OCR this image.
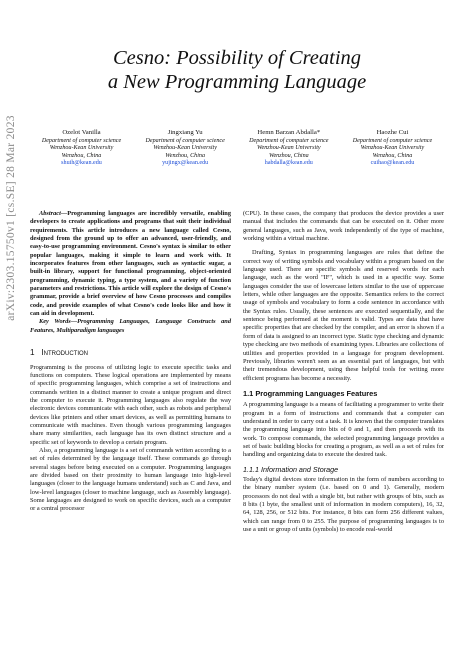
arXiv:2303.15750v1 [cs.SE] 28 Mar 2023
Cesno: Possibility of Creating
a New Programming Language
Ozelot Vanilla
Department of computer science
Wenzhou-Kean University
Wenzhou, China
shuih@kean.edu
Jingxiang Yu
Department of computer science
Wenzhou-Kean University
Wenzhou, China
yujingx@kean.edu
Hemn Barzan Abdalla*
Department of computer science
Wenzhou-Kean University
Wenzhou, China
habdalla@kean.edu
Haozhe Cui
Department of computer science
Wenzhou-Kean University
Wenzhou, China
cuihao@kean.edu

Abstract—Programming languages are incredibly versatile, enabling developers to create applications and programs that suit their individual requirements. This article introduces a new language called Cesno, designed from the ground up to offer an advanced, user-friendly, and easy-to-use programming environment. Cesno's syntax is similar to other popular languages, making it simple to learn and work with. It incorporates features from other languages, such as syntactic sugar, a built-in library, support for functional programming, object-oriented programming, dynamic typing, a type system, and a variety of function parameters and restrictions. This article will explore the design of Cesno's grammar, provide a brief overview of how Cesno processes and compiles code, and provide examples of what Cesno's code looks like and how it can aid in development.

Key Words—Programming Languages, Language Constructs and Features, Multiparadigm languages

1 Introduction

Programming is the process of utilizing logic to execute specific tasks and functions on computers. These logical operations are implemented by means of specific programming languages, which comprise a set of instructions and commands written in a distinct manner to create a unique program and direct the computer to execute it. Programming languages also regulate the way electronic devices communicate with each other, such as robots and peripheral devices like printers and other smart devices, as well as permitting humans to communicate with machines. Even though various programming languages share many similarities, each language has its own distinct structure and a specific set of keywords to develop a certain program.

Also, a programming language is a set of commands written according to a set of rules determined by the language itself. These commands go through several stages before being executed on a computer. Programming languages are divided based on their proximity to human language into high-level languages (closer to the language humans understand) such as C and Java, and low-level languages (closer to machine language, such as Assembly language). Some languages are designed to work on specific devices, such as a computer or a central processor

(CPU). In these cases, the company that produces the device provides a user manual that includes the commands that can be executed on it. Other more general languages, such as Java, work independently of the type of machine, working within a virtual machine.

Drafting, Syntax in programming languages are rules that define the correct way of writing symbols and vocabulary within a program based on the language used. There are specific symbols and reserved words for each language, such as the word "IF", which is used in a specific way. Some languages consider the use of lowercase letters similar to the use of uppercase letters, while other languages are the opposite. Semantics refers to the correct usage of symbols and vocabulary to form a code sentence in accordance with the Syntax rules. Usually, these sentences are executed sequentially, and the sentence being performed at the moment is valid. Types are data that have specific properties that are checked by the compiler, and an error is shown if a form of data is assigned to an incorrect type. Static type checking and dynamic type checking are two methods of examining types. Libraries are collections of utilities and properties provided in a language for program development. Previously, libraries weren't seen as an essential part of languages, but with their tremendous development, using these helpful tools for writing more efficient programs has become a necessity.

1.1 Programming Languages Features

A programming language is a means of facilitating a programmer to write their program in a form of instructions and commands that a computer can understand in order to carry out a task. It is known that the computer translates the programming language into bits of 0 and 1, and then proceeds with its work. To compose commands, the selected programming language provides a set of basic building blocks for creating a program, as well as a set of rules for handling and organizing data to execute the desired task.

1.1.1 Information and Storage

Today's digital devices store information in the form of numbers according to the binary number system (i.e. based on 0 and 1). Generally, modern processors do not deal with a single bit, but rather with groups of bits, such as 8 bits (1 byte, the smallest unit of information in modern computers), 16, 32, 64, 128, 256, or 512 bits. For instance, 8 bits can form 256 different values, which can range from 0 to 255. The purpose of programming languages is to use a unit or group of units (symbols) to encode real-world
